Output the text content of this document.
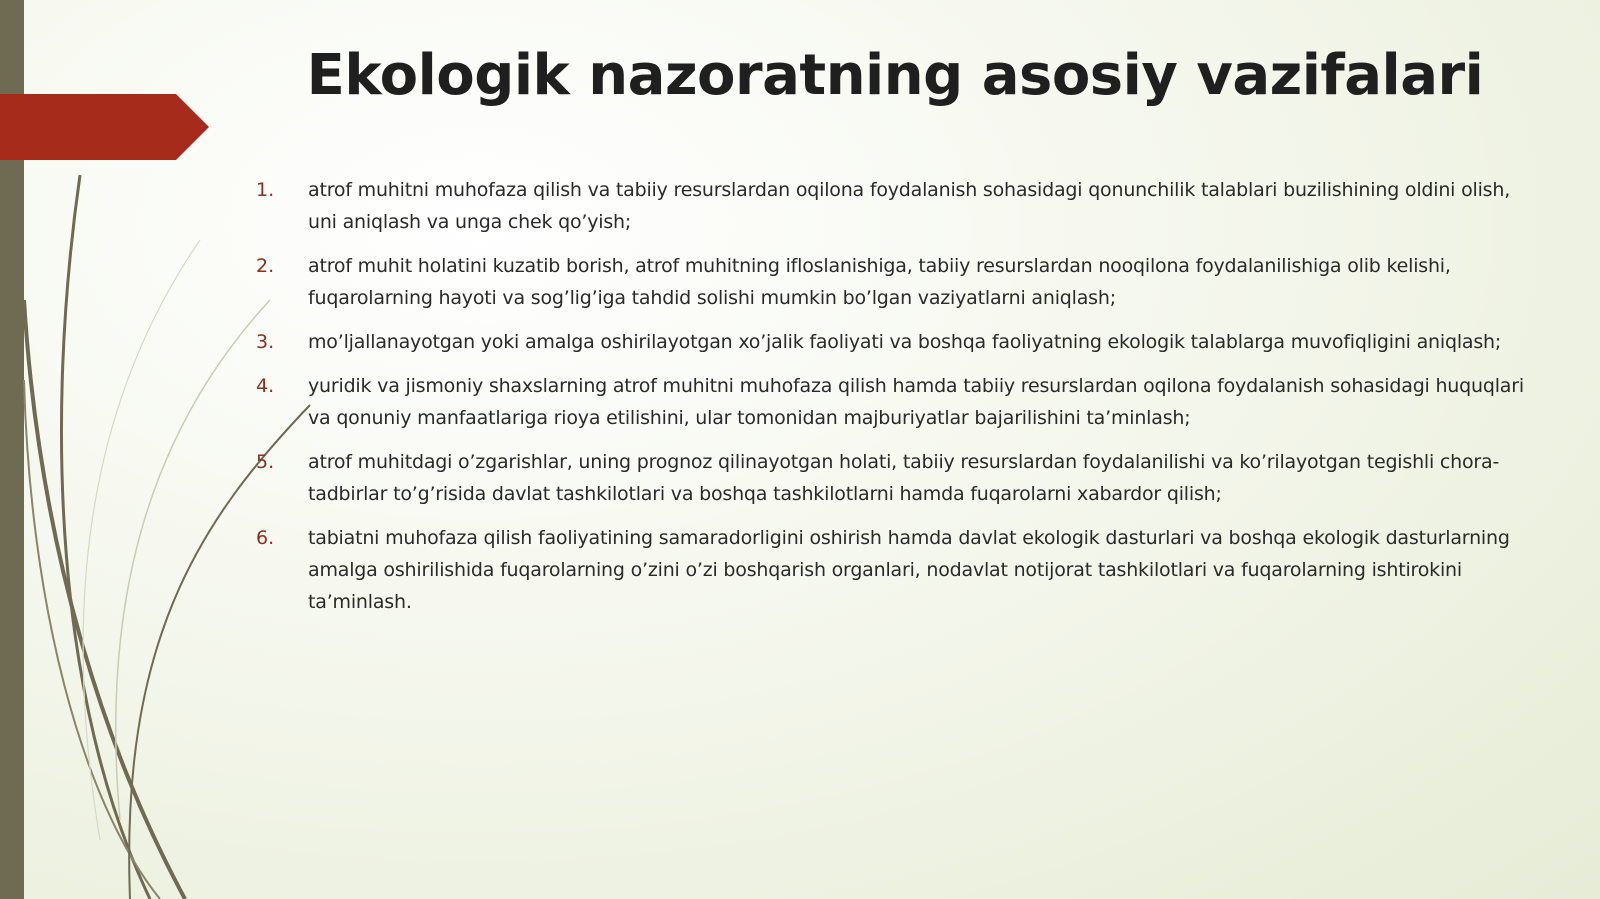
Ekologik nazoratning asosiy vazifalari
1.	atrof muhitni muhofaza qilish va tabiiy resurslardan oqilona foydalanish sohasidagi qonunchilik talablari buzilishining oldini olish, uni aniqlash va unga chek qo’yish;
2.	atrof muhit holatini kuzatib borish, atrof muhitning ifloslanishiga, tabiiy resurslardan nooqilona foydalanilishiga olib kelishi, fuqarolarning hayoti va sog’lig’iga tahdid solishi mumkin bo’lgan vaziyatlarni aniqlash;
3.	mo’ljallanayotgan yoki amalga oshirilayotgan xo’jalik faoliyati va boshqa faoliyatning ekologik talablarga muvofiqligini aniqlash;
4.	yuridik va jismoniy shaxslarning atrof muhitni muhofaza qilish hamda tabiiy resurslardan oqilona foydalanish sohasidagi huquqlari va qonuniy manfaatlariga rioya etilishini, ular tomonidan majburiyatlar bajarilishini ta’minlash;
5.	atrof muhitdagi o’zgarishlar, uning prognoz qilinayotgan holati, tabiiy resurslardan foydalanilishi va ko’rilayotgan tegishli chora-tadbirlar to’g’risida davlat tashkilotlari va boshqa tashkilotlarni hamda fuqarolarni xabardor qilish;
6.	tabiatni muhofaza qilish faoliyatining samaradorligini oshirish hamda davlat ekologik dasturlari va boshqa ekologik dasturlarning amalga oshirilishida fuqarolarning o’zini o’zi boshqarish organlari, nodavlat notijorat tashkilotlari va fuqarolarning ishtirokini ta’minlash.
